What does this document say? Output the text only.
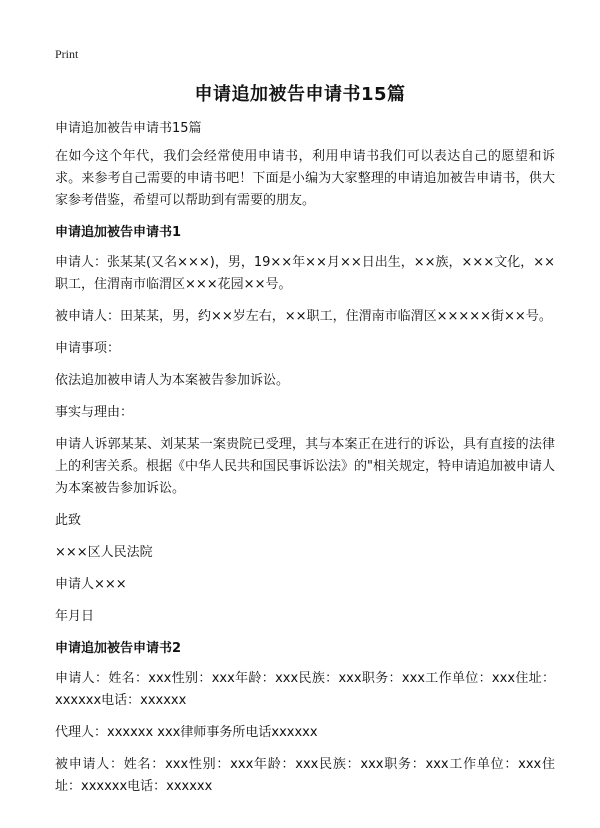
Print
申请追加被告申请书15篇

申请追加被告申请书15篇

在如今这个年代，我们会经常使用申请书，利用申请书我们可以表达自己的愿望和诉求。来参考自己需要的申请书吧！下面是小编为大家整理的申请追加被告申请书，供大家参考借鉴，希望可以帮助到有需要的朋友。

申请追加被告申请书1

申请人：张某某(又名×××)，男，19××年××月××日出生，××族，×××文化，××职工，住渭南市临渭区×××花园××号。

被申请人：田某某，男，约××岁左右，××职工，住渭南市临渭区×××××街××号。

申请事项：

依法追加被申请人为本案被告参加诉讼。

事实与理由：

申请人诉郭某某、刘某某一案贵院已受理，其与本案正在进行的诉讼，具有直接的法律上的利害关系。根据《中华人民共和国民事诉讼法》的"相关规定，特申请追加被申请人为本案被告参加诉讼。

此致

×××区人民法院

申请人×××

年月日

申请追加被告申请书2

申请人：姓名：xxx性别：xxx年龄：xxx民族：xxx职务：xxx工作单位：xxx住址：xxxxxx电话：xxxxxx

代理人：xxxxxx xxx律师事务所电话xxxxxx

被申请人：姓名：xxx性别：xxx年龄：xxx民族：xxx职务：xxx工作单位：xxx住址：xxxxxx电话：xxxxxx
